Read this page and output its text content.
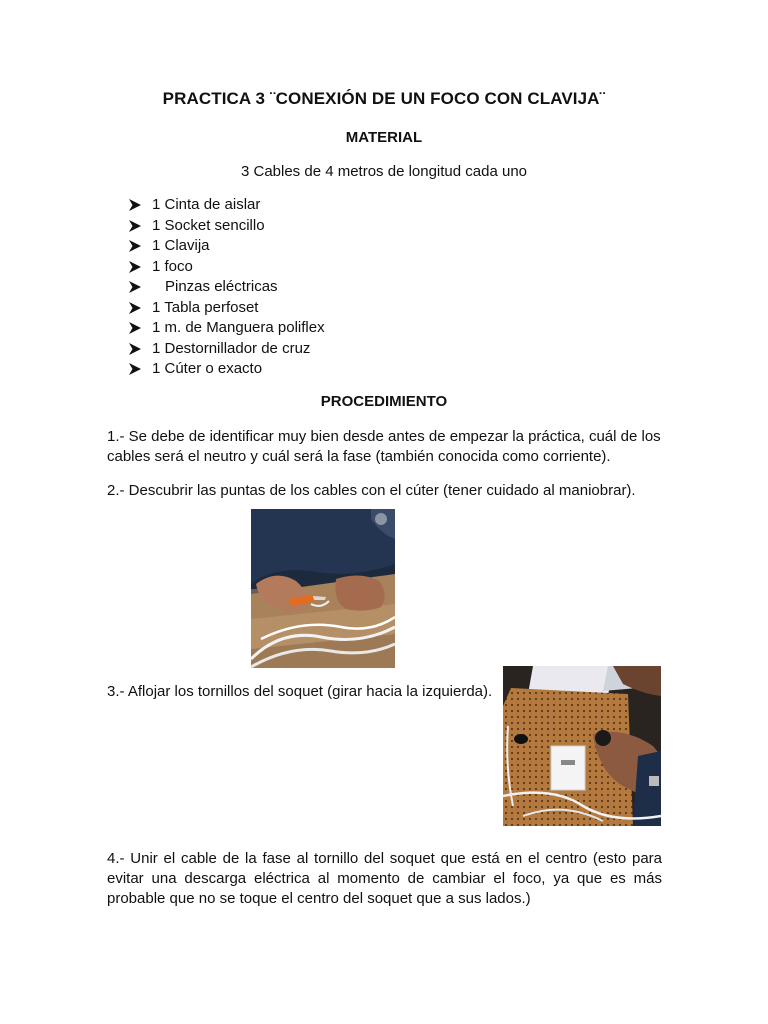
PRACTICA 3 ¨CONEXIÓN DE UN FOCO CON CLAVIJA¨
MATERIAL
3 Cables de 4 metros de longitud cada uno
1 Cinta de aislar
1 Socket sencillo
1 Clavija
1 foco
Pinzas eléctricas
1 Tabla perfoset
1 m. de Manguera poliflex
1 Destornillador de cruz
1 Cúter o exacto
PROCEDIMIENTO
1.- Se debe de identificar muy bien desde antes de empezar la práctica, cuál de los cables será el neutro y cuál será la fase (también conocida como corriente).
2.- Descubrir las puntas de los cables con el cúter (tener cuidado al maniobrar).
3.- Aflojar los tornillos del soquet (girar hacia la izquierda).
4.- Unir el cable de la fase al tornillo del soquet que está en el centro (esto para evitar una descarga eléctrica al momento de cambiar el foco, ya que es más probable que no se toque el centro del soquet que a sus lados.)
